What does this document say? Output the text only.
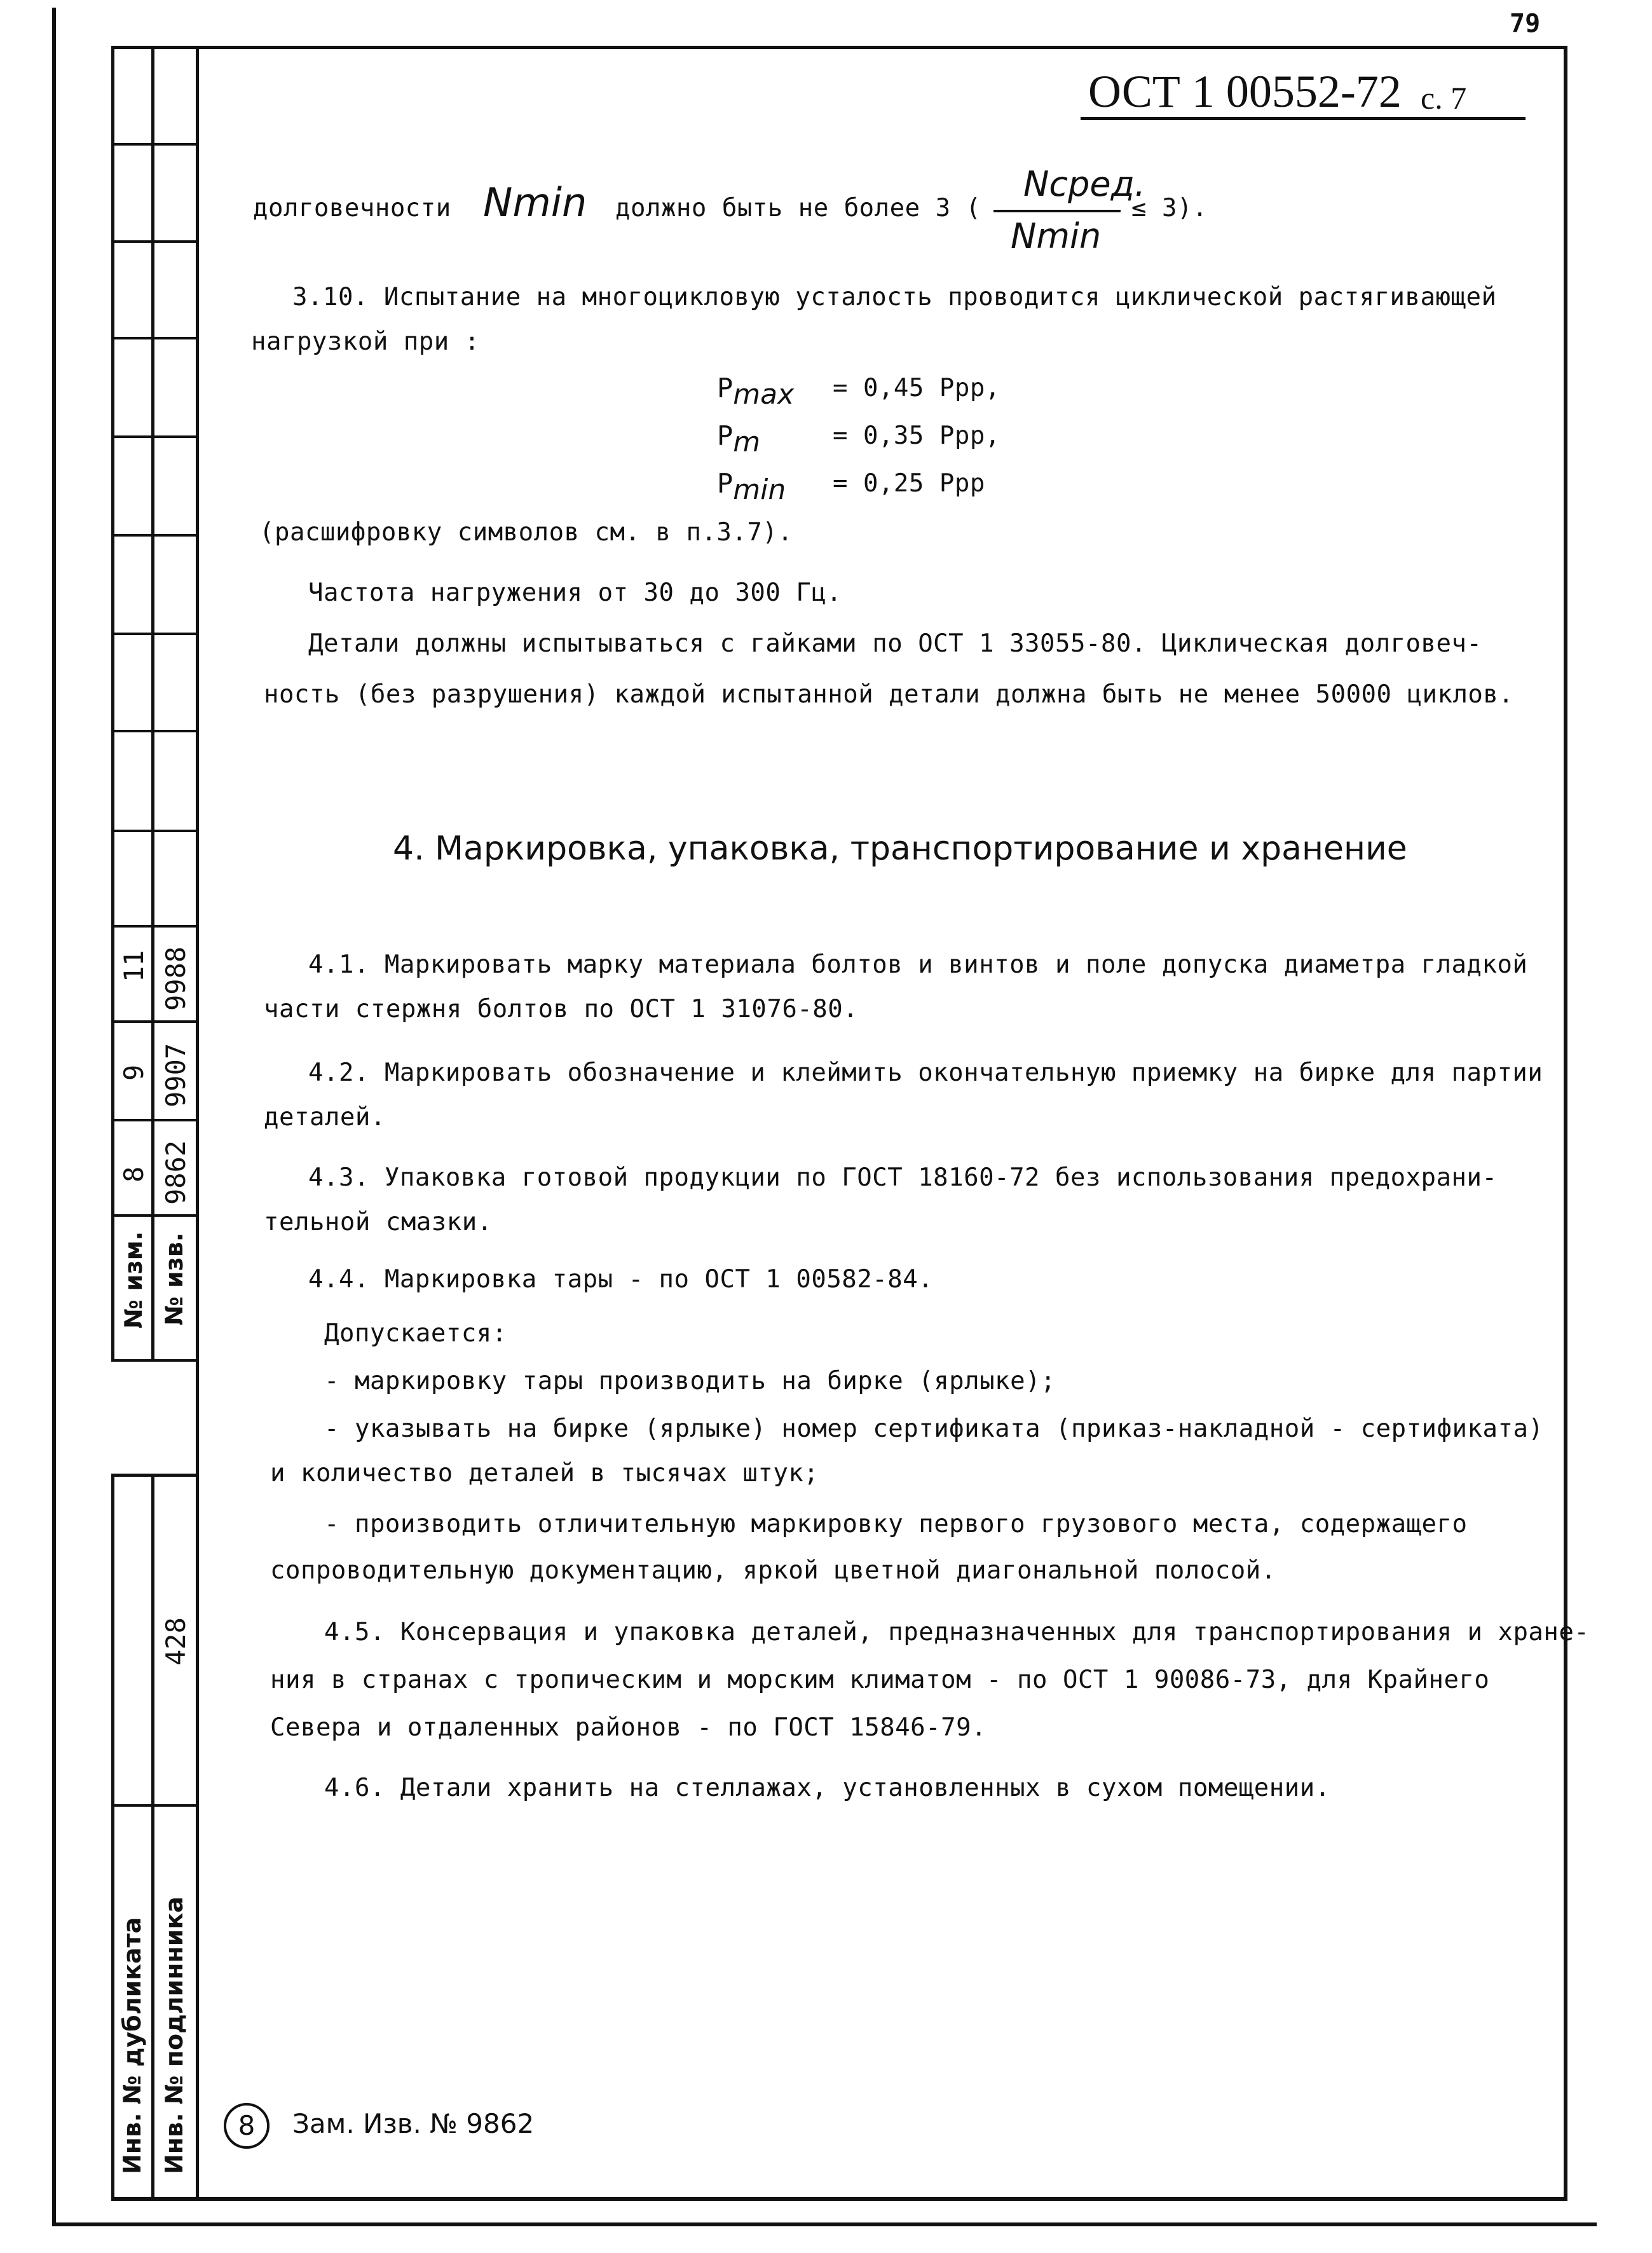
11 9988
9 9907
8 9862
№ изм. № изв.
428
Инв. № дубликата Инв. № подлинника
79
ОСТ 1 00552-72 с. 7
долговечности Nmin должно быть не более 3 (
Nсред.
Nmin
≤ 3).
3.10. Испытание на многоцикловую усталость проводится циклической растягивающей
нагрузкой при :
Pmax = 0,45 Ррр,
Pm	= 0,35 Ррр,
Pmin = 0,25 Ррр
(расшифровку символов см. в п.3.7).
Частота нагружения от 30 до 300 Гц.
Детали должны испытываться с гайками по ОСТ 1 33055-80. Циклическая долговеч-
ность (без разрушения) каждой испытанной детали должна быть не менее 50000 циклов.
4. Маркировка, упаковка, транспортирование и хранение
4.1. Маркировать марку материала болтов и винтов и поле допуска диаметра гладкой
части стержня болтов по ОСТ 1 31076-80.
4.2. Маркировать обозначение и клеймить окончательную приемку на бирке для партии
деталей.
4.3. Упаковка готовой продукции по ГОСТ 18160-72 без использования предохрани-
тельной смазки.
4.4. Маркировка тары - по ОСТ 1 00582-84.
Допускается:
- маркировку тары производить на бирке (ярлыке);
- указывать на бирке (ярлыке) номер сертификата (приказ-накладной - сертификата)
и количество деталей в тысячах штук;
- производить отличительную маркировку первого грузового места, содержащего
сопроводительную документацию, яркой цветной диагональной полосой.
4.5. Консервация и упаковка деталей, предназначенных для транспортирования и хране-
ния в странах с тропическим и морским климатом - по ОСТ 1 90086-73, для Крайнего
Севера и отдаленных районов - по ГОСТ 15846-79.
4.6. Детали хранить на стеллажах, установленных в сухом помещении.
8	Зам. Изв. № 9862
